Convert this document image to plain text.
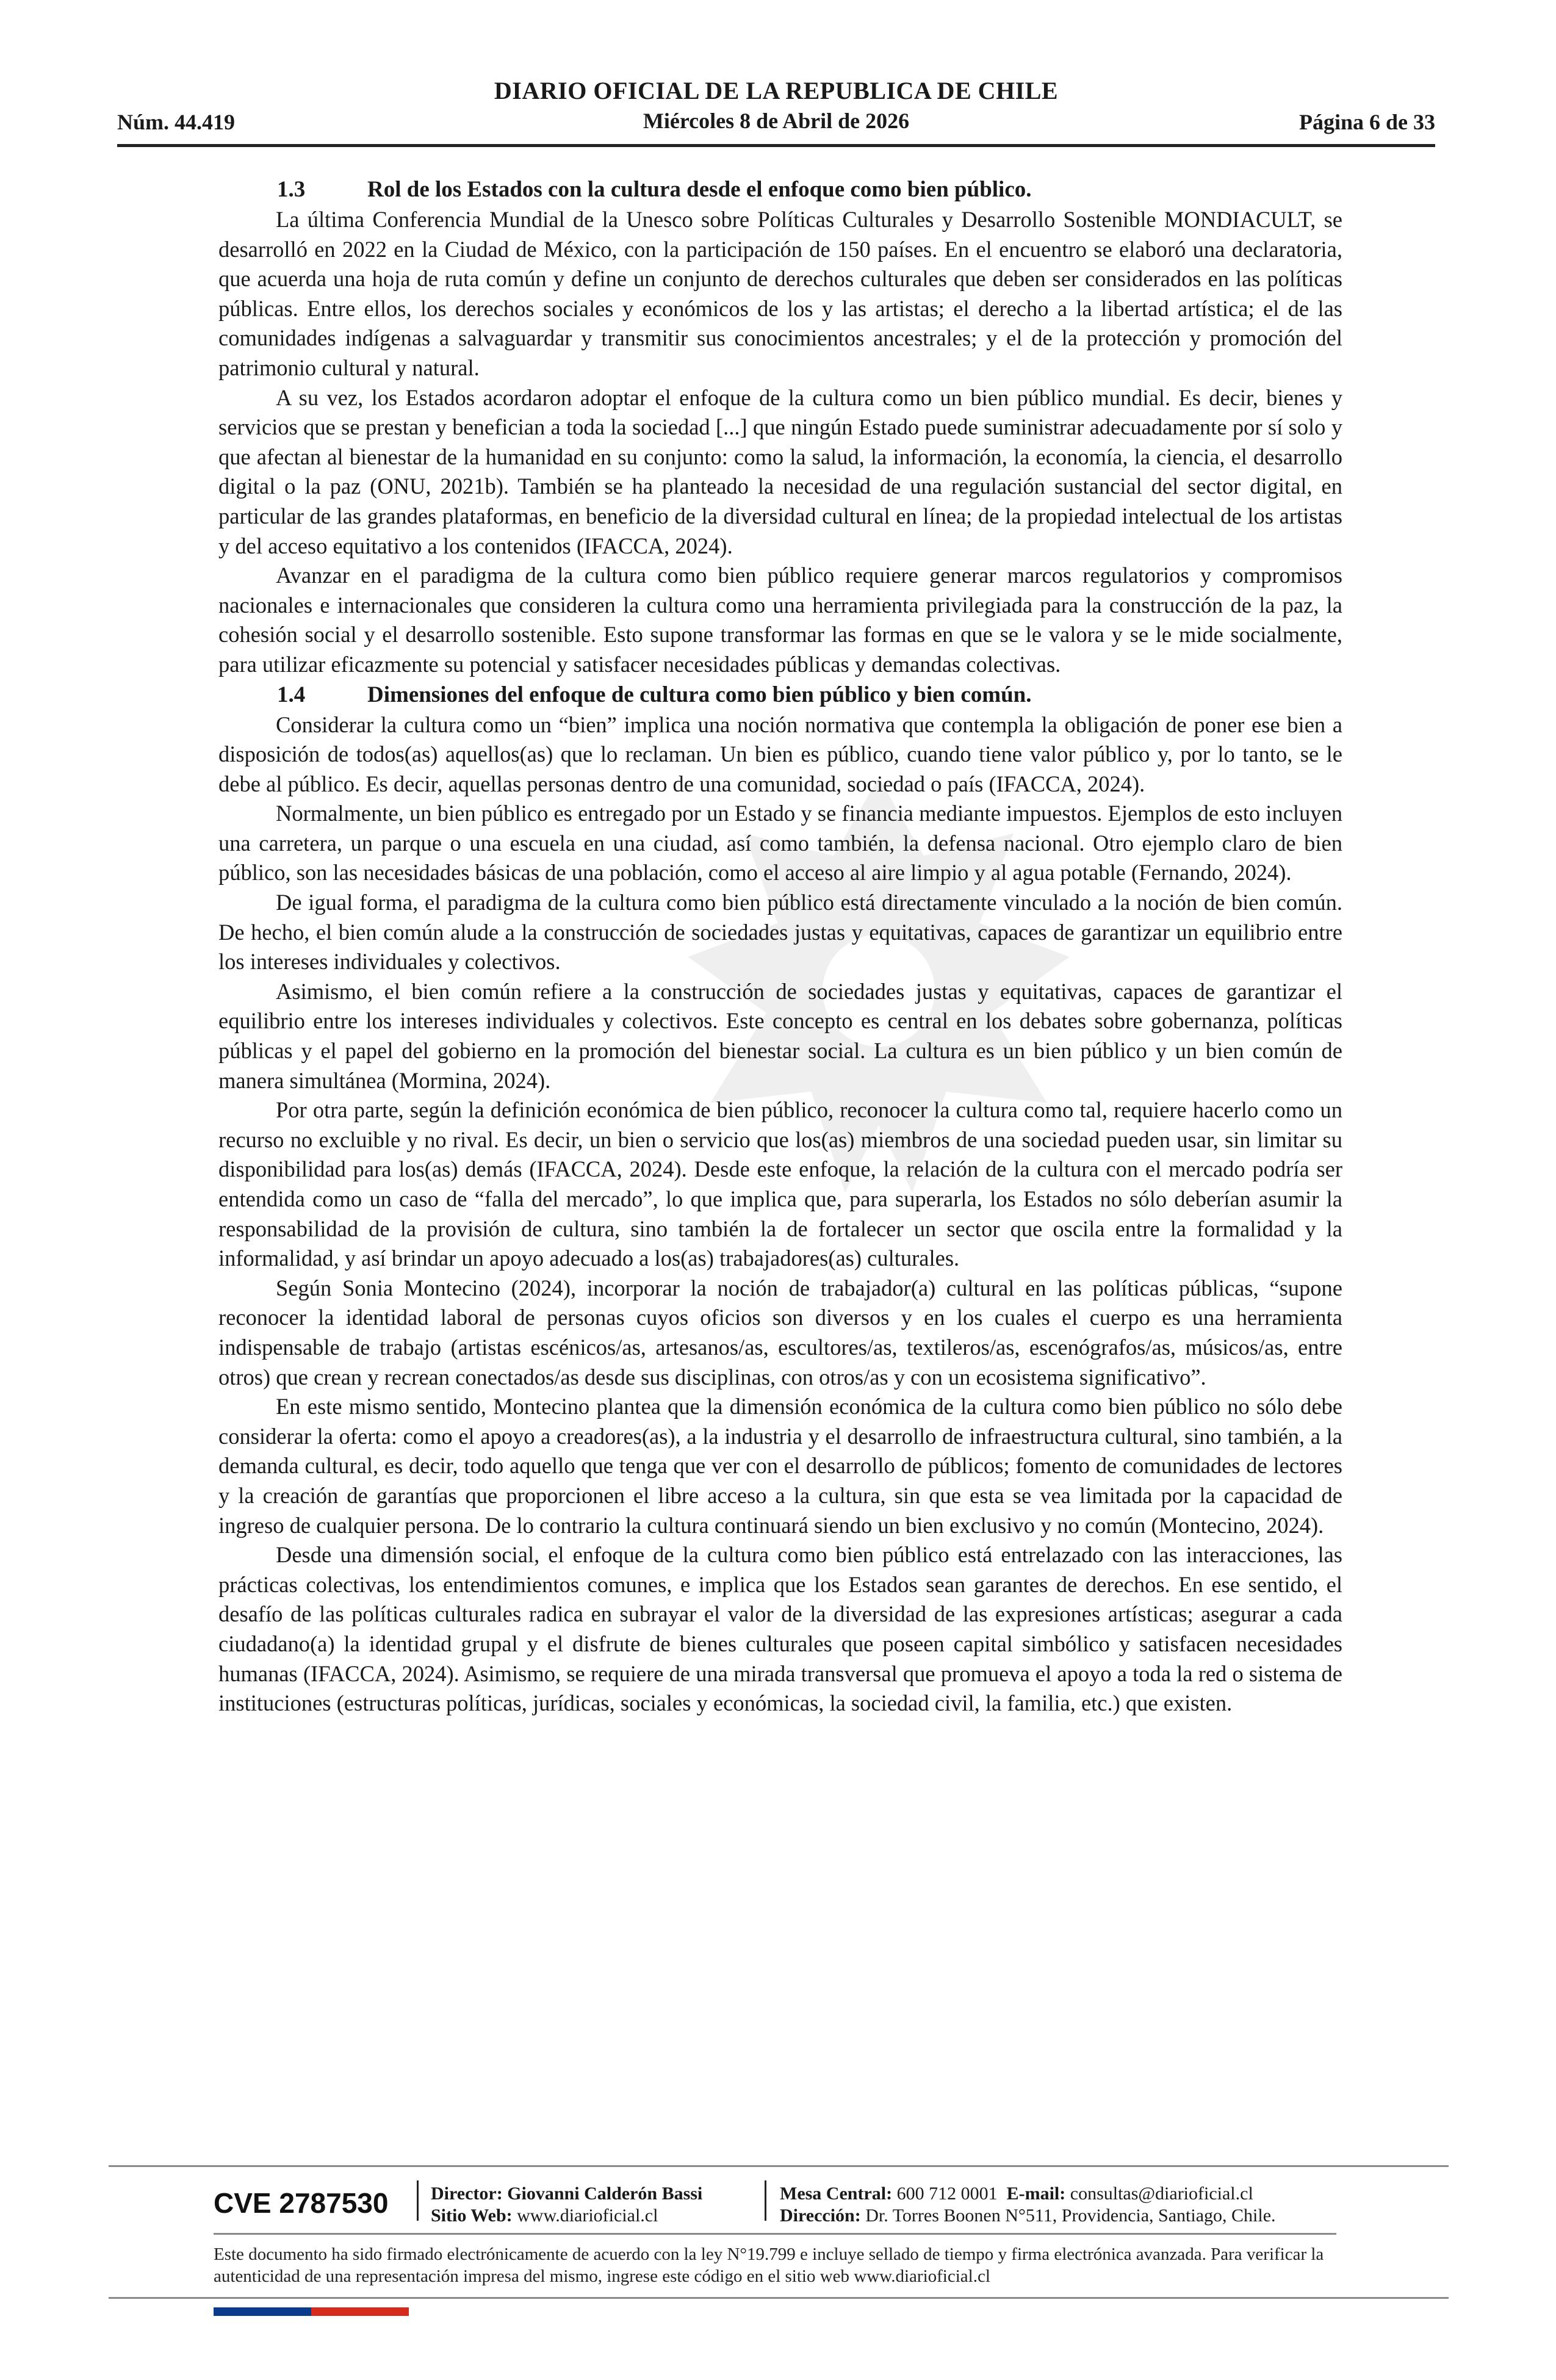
DIARIO OFICIAL DE LA REPUBLICA DE CHILE
Miércoles 8 de Abril de 2026
Núm. 44.419	Página 6 de 33
1.3	Rol de los Estados con la cultura desde el enfoque como bien público.

La última Conferencia Mundial de la Unesco sobre Políticas Culturales y Desarrollo Sostenible MONDIACULT, se desarrolló en 2022 en la Ciudad de México, con la participación de 150 países. En el encuentro se elaboró una declaratoria, que acuerda una hoja de ruta común y define un conjunto de derechos culturales que deben ser considerados en las políticas públicas. Entre ellos, los derechos sociales y económicos de los y las artistas; el derecho a la libertad artística; el de las comunidades indígenas a salvaguardar y transmitir sus conocimientos ancestrales; y el de la protección y promoción del patrimonio cultural y natural.

A su vez, los Estados acordaron adoptar el enfoque de la cultura como un bien público mundial. Es decir, bienes y servicios que se prestan y benefician a toda la sociedad [...] que ningún Estado puede suministrar adecuadamente por sí solo y que afectan al bienestar de la humanidad en su conjunto: como la salud, la información, la economía, la ciencia, el desarrollo digital o la paz (ONU, 2021b). También se ha planteado la necesidad de una regulación sustancial del sector digital, en particular de las grandes plataformas, en beneficio de la diversidad cultural en línea; de la propiedad intelectual de los artistas y del acceso equitativo a los contenidos (IFACCA, 2024).

Avanzar en el paradigma de la cultura como bien público requiere generar marcos regulatorios y compromisos nacionales e internacionales que consideren la cultura como una herramienta privilegiada para la construcción de la paz, la cohesión social y el desarrollo sostenible. Esto supone transformar las formas en que se le valora y se le mide socialmente, para utilizar eficazmente su potencial y satisfacer necesidades públicas y demandas colectivas.

1.4	Dimensiones del enfoque de cultura como bien público y bien común.

Considerar la cultura como un “bien” implica una noción normativa que contempla la obligación de poner ese bien a disposición de todos(as) aquellos(as) que lo reclaman. Un bien es público, cuando tiene valor público y, por lo tanto, se le debe al público. Es decir, aquellas personas dentro de una comunidad, sociedad o país (IFACCA, 2024).

Normalmente, un bien público es entregado por un Estado y se financia mediante impuestos. Ejemplos de esto incluyen una carretera, un parque o una escuela en una ciudad, así como también, la defensa nacional. Otro ejemplo claro de bien público, son las necesidades básicas de una población, como el acceso al aire limpio y al agua potable (Fernando, 2024).

De igual forma, el paradigma de la cultura como bien público está directamente vinculado a la noción de bien común. De hecho, el bien común alude a la construcción de sociedades justas y equitativas, capaces de garantizar un equilibrio entre los intereses individuales y colectivos.

Asimismo, el bien común refiere a la construcción de sociedades justas y equitativas, capaces de garantizar el equilibrio entre los intereses individuales y colectivos. Este concepto es central en los debates sobre gobernanza, políticas públicas y el papel del gobierno en la promoción del bienestar social. La cultura es un bien público y un bien común de manera simultánea (Mormina, 2024).

Por otra parte, según la definición económica de bien público, reconocer la cultura como tal, requiere hacerlo como un recurso no excluible y no rival. Es decir, un bien o servicio que los(as) miembros de una sociedad pueden usar, sin limitar su disponibilidad para los(as) demás (IFACCA, 2024). Desde este enfoque, la relación de la cultura con el mercado podría ser entendida como un caso de “falla del mercado”, lo que implica que, para superarla, los Estados no sólo deberían asumir la responsabilidad de la provisión de cultura, sino también la de fortalecer un sector que oscila entre la formalidad y la informalidad, y así brindar un apoyo adecuado a los(as) trabajadores(as) culturales.

Según Sonia Montecino (2024), incorporar la noción de trabajador(a) cultural en las políticas públicas, “supone reconocer la identidad laboral de personas cuyos oficios son diversos y en los cuales el cuerpo es una herramienta indispensable de trabajo (artistas escénicos/as, artesanos/as, escultores/as, textileros/as, escenógrafos/as, músicos/as, entre otros) que crean y recrean conectados/as desde sus disciplinas, con otros/as y con un ecosistema significativo”.

En este mismo sentido, Montecino plantea que la dimensión económica de la cultura como bien público no sólo debe considerar la oferta: como el apoyo a creadores(as), a la industria y el desarrollo de infraestructura cultural, sino también, a la demanda cultural, es decir, todo aquello que tenga que ver con el desarrollo de públicos; fomento de comunidades de lectores y la creación de garantías que proporcionen el libre acceso a la cultura, sin que esta se vea limitada por la capacidad de ingreso de cualquier persona. De lo contrario la cultura continuará siendo un bien exclusivo y no común (Montecino, 2024).

Desde una dimensión social, el enfoque de la cultura como bien público está entrelazado con las interacciones, las prácticas colectivas, los entendimientos comunes, e implica que los Estados sean garantes de derechos. En ese sentido, el desafío de las políticas culturales radica en subrayar el valor de la diversidad de las expresiones artísticas; asegurar a cada ciudadano(a) la identidad grupal y el disfrute de bienes culturales que poseen capital simbólico y satisfacen necesidades humanas (IFACCA, 2024). Asimismo, se requiere de una mirada transversal que promueva el apoyo a toda la red o sistema de instituciones (estructuras políticas, jurídicas, sociales y económicas, la sociedad civil, la familia, etc.) que existen.

CVE 2787530 Director: Giovanni Calderón Bassi
Sitio Web: www.diarioficial.cl
Mesa Central: 600 712 0001 E-mail: consultas@diarioficial.cl
Dirección: Dr. Torres Boonen N°511, Providencia, Santiago, Chile.
Este documento ha sido firmado electrónicamente de acuerdo con la ley N°19.799 e incluye sellado de tiempo y firma electrónica avanzada. Para verificar la autenticidad de una representación impresa del mismo, ingrese este código en el sitio web www.diarioficial.cl
